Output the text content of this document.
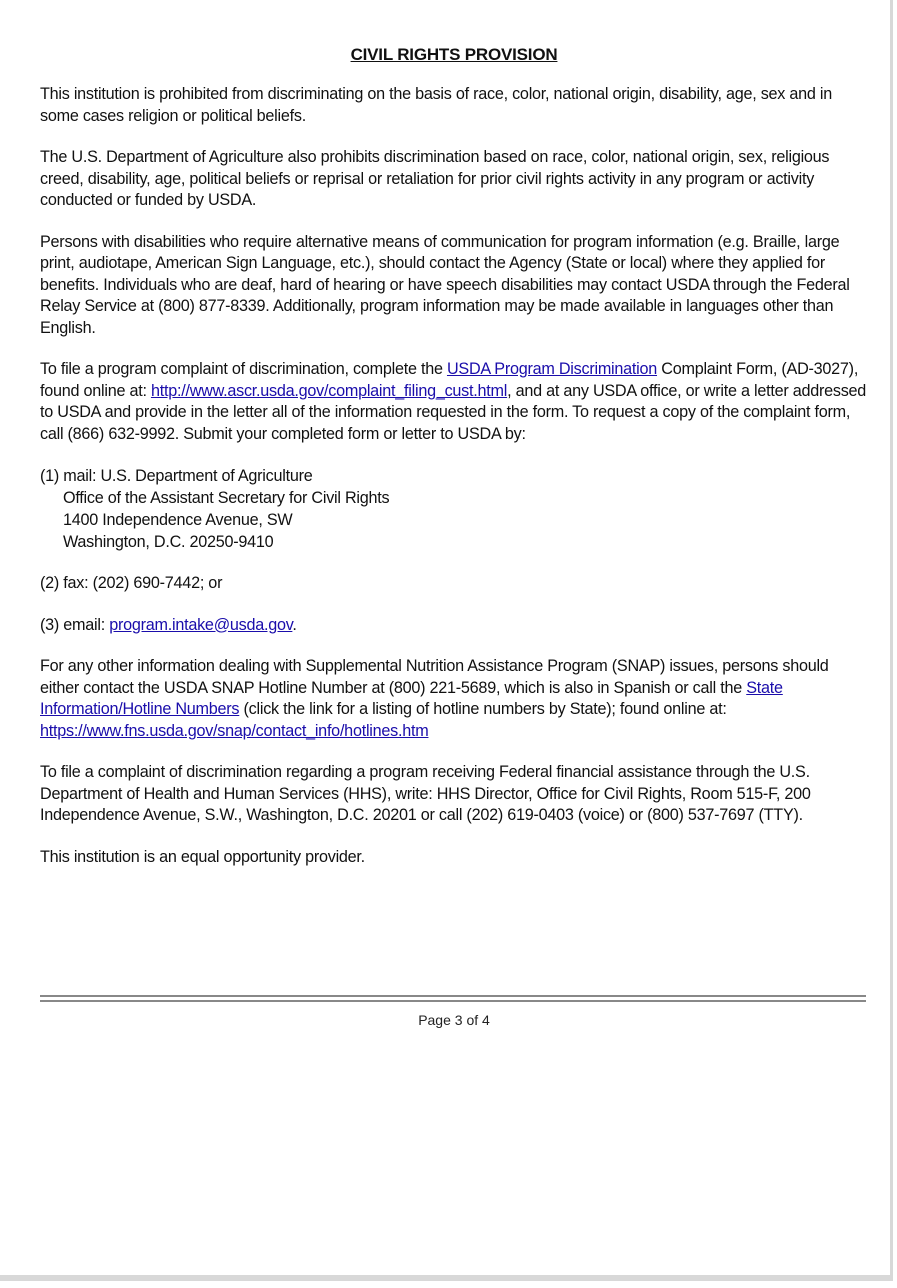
CIVIL RIGHTS PROVISION

This institution is prohibited from discriminating on the basis of race, color, national origin, disability, age, sex and in some cases religion or political beliefs.

The U.S. Department of Agriculture also prohibits discrimination based on race, color, national origin, sex, religious creed, disability, age, political beliefs or reprisal or retaliation for prior civil rights activity in any program or activity conducted or funded by USDA.

Persons with disabilities who require alternative means of communication for program information (e.g. Braille, large print, audiotape, American Sign Language, etc.), should contact the Agency (State or local) where they applied for benefits. Individuals who are deaf, hard of hearing or have speech disabilities may contact USDA through the Federal Relay Service at (800) 877-8339. Additionally, program information may be made available in languages other than English.

To file a program complaint of discrimination, complete the USDA Program Discrimination Complaint Form, (AD-3027), found online at: http://www.ascr.usda.gov/complaint_filing_cust.html, and at any USDA office, or write a letter addressed to USDA and provide in the letter all of the information requested in the form. To request a copy of the complaint form, call (866) 632-9992. Submit your completed form or letter to USDA by:

(1) mail: U.S. Department of Agriculture
Office of the Assistant Secretary for Civil Rights
1400 Independence Avenue, SW
Washington, D.C. 20250-9410

(2) fax: (202) 690-7442; or

(3) email: program.intake@usda.gov.

For any other information dealing with Supplemental Nutrition Assistance Program (SNAP) issues, persons should either contact the USDA SNAP Hotline Number at (800) 221-5689, which is also in Spanish or call the State Information/Hotline Numbers (click the link for a listing of hotline numbers by State); found online at: https://www.fns.usda.gov/snap/contact_info/hotlines.htm

To file a complaint of discrimination regarding a program receiving Federal financial assistance through the U.S. Department of Health and Human Services (HHS), write: HHS Director, Office for Civil Rights, Room 515-F, 200 Independence Avenue, S.W., Washington, D.C. 20201 or call (202) 619-0403 (voice) or (800) 537-7697 (TTY).

This institution is an equal opportunity provider.

Page 3 of 4
